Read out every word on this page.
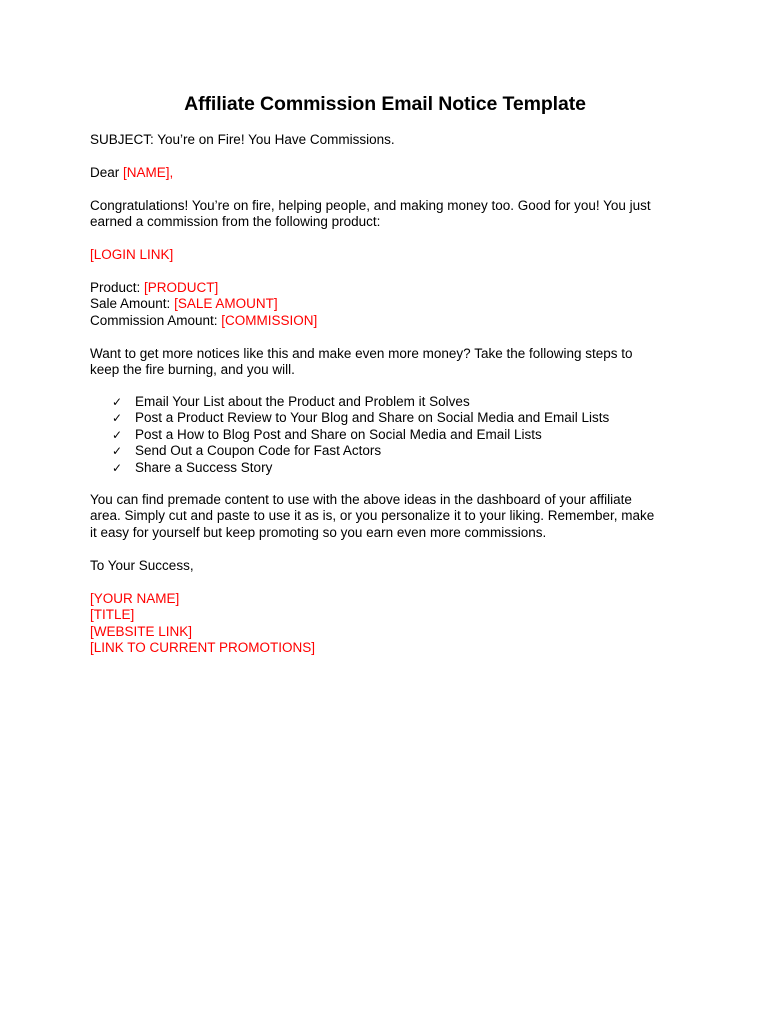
Affiliate Commission Email Notice Template

SUBJECT: You’re on Fire! You Have Commissions.

Dear [NAME],

Congratulations! You’re on fire, helping people, and making money too. Good for you! You just
earned a commission from the following product:

[LOGIN LINK]

Product: [PRODUCT]
Sale Amount: [SALE AMOUNT]
Commission Amount: [COMMISSION]

Want to get more notices like this and make even more money? Take the following steps to
keep the fire burning, and you will.

✓ Email Your List about the Product and Problem it Solves
✓ Post a Product Review to Your Blog and Share on Social Media and Email Lists
✓ Post a How to Blog Post and Share on Social Media and Email Lists
✓ Send Out a Coupon Code for Fast Actors
✓ Share a Success Story

You can find premade content to use with the above ideas in the dashboard of your affiliate
area. Simply cut and paste to use it as is, or you personalize it to your liking. Remember, make
it easy for yourself but keep promoting so you earn even more commissions.

To Your Success,

[YOUR NAME]
[TITLE]
[WEBSITE LINK]
[LINK TO CURRENT PROMOTIONS]
